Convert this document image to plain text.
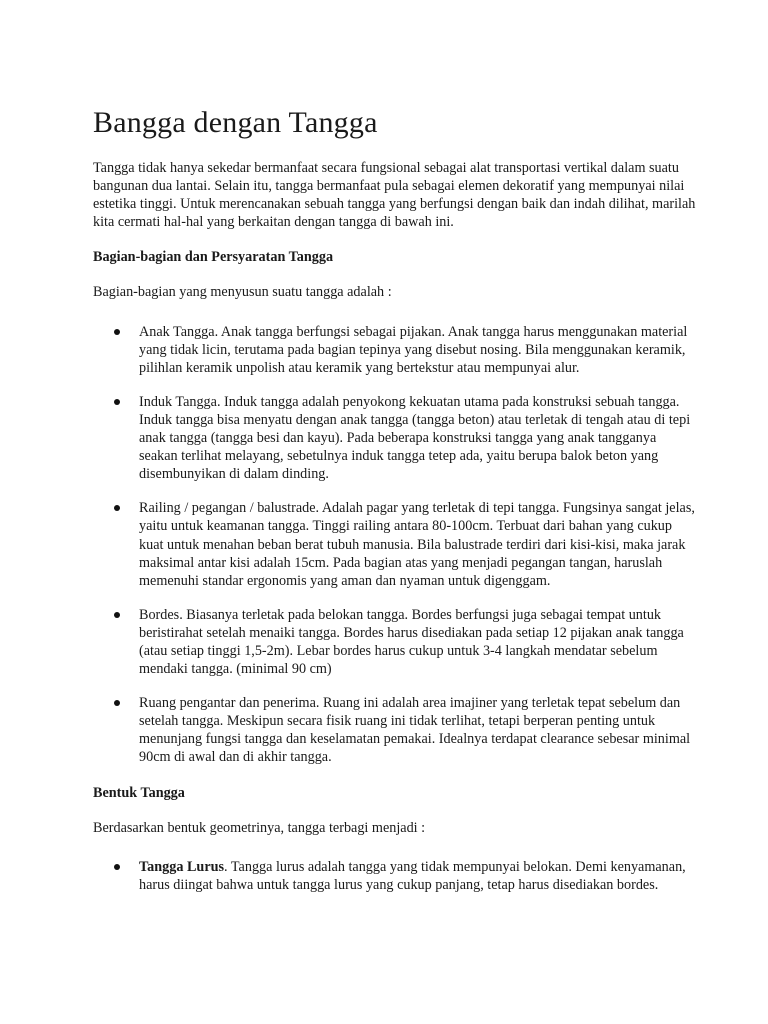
Bangga dengan Tangga

Tangga tidak hanya sekedar bermanfaat secara fungsional sebagai alat transportasi vertikal dalam suatu bangunan dua lantai. Selain itu, tangga bermanfaat pula sebagai elemen dekoratif yang mempunyai nilai estetika tinggi. Untuk merencanakan sebuah tangga yang berfungsi dengan baik dan indah dilihat, marilah kita cermati hal-hal yang berkaitan dengan tangga di bawah ini.

Bagian-bagian dan Persyaratan Tangga

Bagian-bagian yang menyusun suatu tangga adalah :

Anak Tangga. Anak tangga berfungsi sebagai pijakan. Anak tangga harus menggunakan material yang tidak licin, terutama pada bagian tepinya yang disebut nosing. Bila menggunakan keramik, pilihlan keramik unpolish atau keramik yang bertekstur atau mempunyai alur.
Induk Tangga. Induk tangga adalah penyokong kekuatan utama pada konstruksi sebuah tangga. Induk tangga bisa menyatu dengan anak tangga (tangga beton) atau terletak di tengah atau di tepi anak tangga (tangga besi dan kayu). Pada beberapa konstruksi tangga yang anak tangganya seakan terlihat melayang, sebetulnya induk tangga tetep ada, yaitu berupa balok beton yang disembunyikan di dalam dinding.
Railing / pegangan / balustrade. Adalah pagar yang terletak di tepi tangga. Fungsinya sangat jelas, yaitu untuk keamanan tangga. Tinggi railing antara 80-100cm. Terbuat dari bahan yang cukup kuat untuk menahan beban berat tubuh manusia. Bila balustrade terdiri dari kisi-kisi, maka jarak maksimal antar kisi adalah 15cm. Pada bagian atas yang menjadi pegangan tangan, haruslah memenuhi standar ergonomis yang aman dan nyaman untuk digenggam.
Bordes. Biasanya terletak pada belokan tangga. Bordes berfungsi juga sebagai tempat untuk beristirahat setelah menaiki tangga. Bordes harus disediakan pada setiap 12 pijakan anak tangga (atau setiap tinggi 1,5-2m). Lebar bordes harus cukup untuk 3-4 langkah mendatar sebelum mendaki tangga. (minimal 90 cm)
Ruang pengantar dan penerima. Ruang ini adalah area imajiner yang terletak tepat sebelum dan setelah tangga. Meskipun secara fisik ruang ini tidak terlihat, tetapi berperan penting untuk menunjang fungsi tangga dan keselamatan pemakai. Idealnya terdapat clearance sebesar minimal 90cm di awal dan di akhir tangga.

Bentuk Tangga

Berdasarkan bentuk geometrinya, tangga terbagi menjadi :

Tangga Lurus. Tangga lurus adalah tangga yang tidak mempunyai belokan. Demi kenyamanan, harus diingat bahwa untuk tangga lurus yang cukup panjang, tetap harus disediakan bordes.
